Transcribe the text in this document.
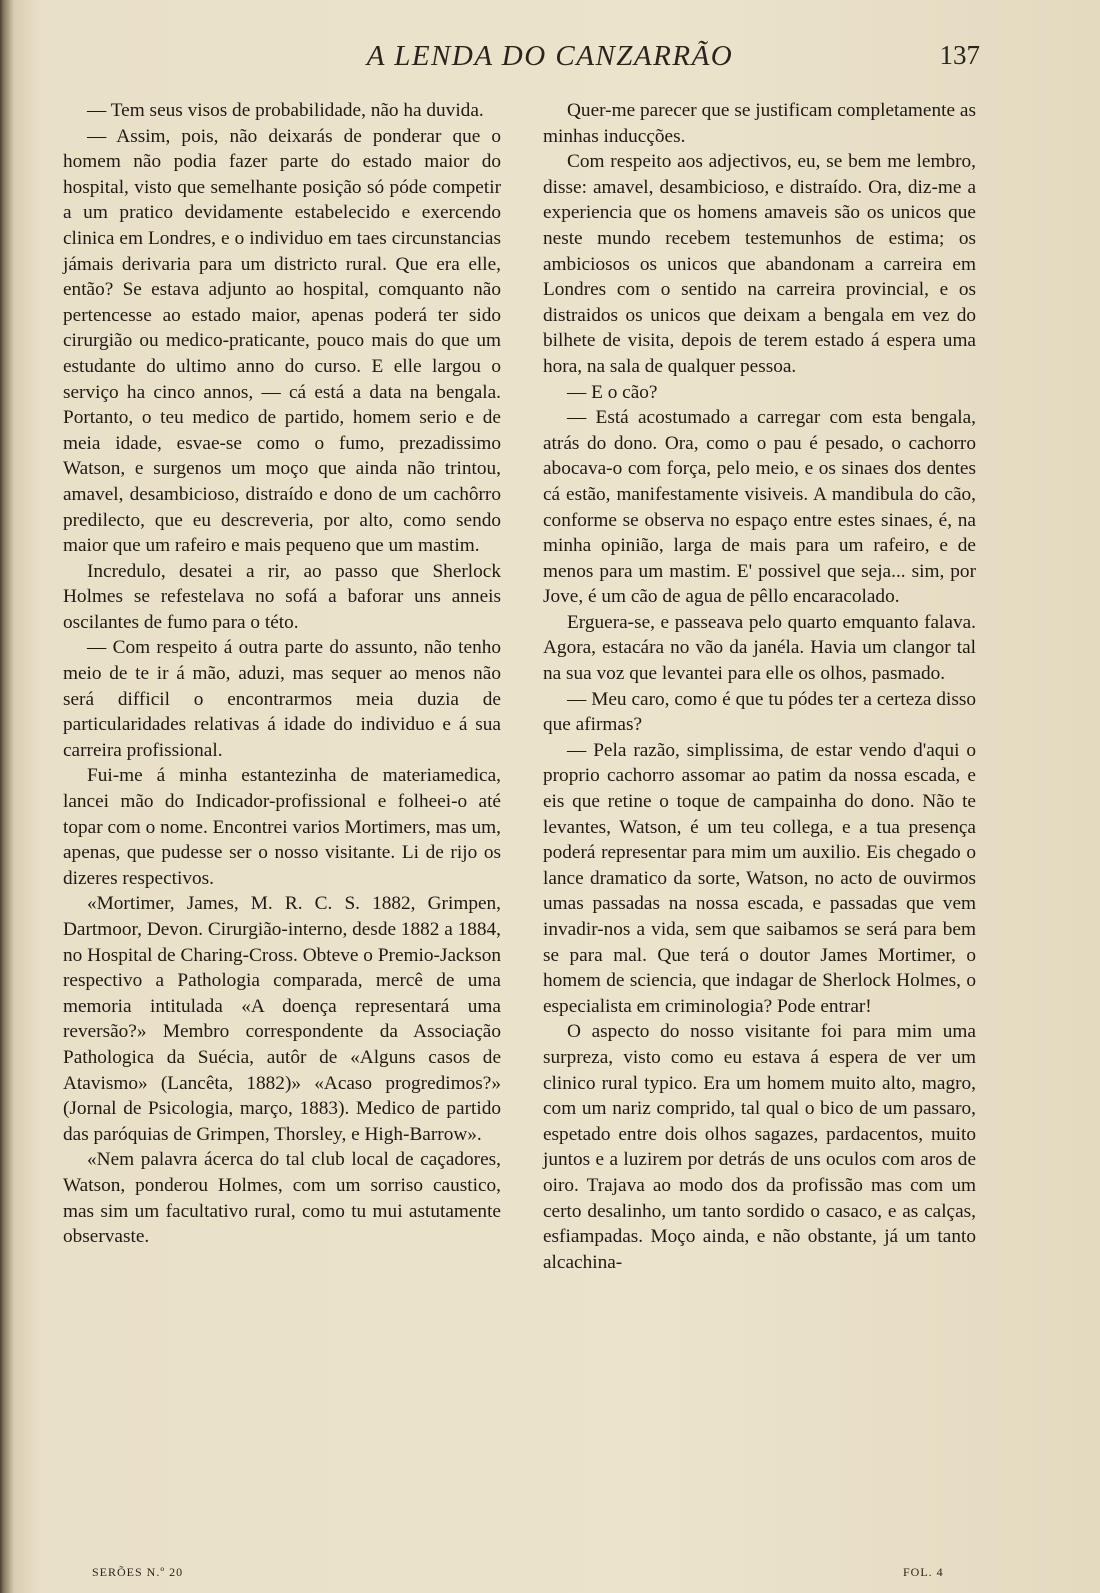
A LENDA DO CANZARRÃO	137

— Tem seus visos de probabilidade, não ha duvida.

— Assim, pois, não deixarás de ponderar que o homem não podia fazer parte do estado maior do hospital, visto que semelhante posição só póde competir a um pratico devidamente estabelecido e exercendo clinica em Londres, e o individuo em taes circunstancias jámais derivaria para um districto rural. Que era elle, então? Se estava adjunto ao hospital, comquanto não pertencesse ao estado maior, apenas poderá ter sido cirurgião ou medico-praticante, pouco mais do que um estudante do ultimo anno do curso. E elle largou o serviço ha cinco annos, — cá está a data na bengala. Portanto, o teu medico de partido, homem serio e de meia idade, esvae-se como o fumo, prezadissimo Watson, e surgenos um moço que ainda não trintou, amavel, desambicioso, distraído e dono de um cachôrro predilecto, que eu descreveria, por alto, como sendo maior que um rafeiro e mais pequeno que um mastim.

Incredulo, desatei a rir, ao passo que Sherlock Holmes se refestelava no sofá a baforar uns anneis oscilantes de fumo para o této.

— Com respeito á outra parte do assunto, não tenho meio de te ir á mão, aduzi, mas sequer ao menos não será difficil o encontrarmos meia duzia de particularidades relativas á idade do individuo e á sua carreira profissional.

Fui-me á minha estantezinha de materiamedica, lancei mão do Indicador-profissional e folheei-o até topar com o nome. Encontrei varios Mortimers, mas um, apenas, que pudesse ser o nosso visitante. Li de rijo os dizeres respectivos.

«Mortimer, James, M. R. C. S. 1882, Grimpen, Dartmoor, Devon. Cirurgião-interno, desde 1882 a 1884, no Hospital de Charing-Cross. Obteve o Premio-Jackson respectivo a Pathologia comparada, mercê de uma memoria intitulada «A doença representará uma reversão?» Membro correspondente da Associação Pathologica da Suécia, autôr de «Alguns casos de Atavismo» (Lancêta, 1882)» «Acaso progredimos?» (Jornal de Psicologia, março, 1883). Medico de partido das paróquias de Grimpen, Thorsley, e High-Barrow».

«Nem palavra ácerca do tal club local de caçadores, Watson, ponderou Holmes, com um sorriso caustico, mas sim um facultativo rural, como tu mui astutamente observaste.

Quer-me parecer que se justificam completamente as minhas inducções.

Com respeito aos adjectivos, eu, se bem me lembro, disse: amavel, desambicioso, e distraído. Ora, diz-me a experiencia que os homens amaveis são os unicos que neste mundo recebem testemunhos de estima; os ambiciosos os unicos que abandonam a carreira em Londres com o sentido na carreira provincial, e os distraidos os unicos que deixam a bengala em vez do bilhete de visita, depois de terem estado á espera uma hora, na sala de qualquer pessoa.

— E o cão?

— Está acostumado a carregar com esta bengala, atrás do dono. Ora, como o pau é pesado, o cachorro abocava-o com força, pelo meio, e os sinaes dos dentes cá estão, manifestamente visiveis. A mandibula do cão, conforme se observa no espaço entre estes sinaes, é, na minha opinião, larga de mais para um rafeiro, e de menos para um mastim. E' possivel que seja... sim, por Jove, é um cão de agua de pêllo encaracolado.

Erguera-se, e passeava pelo quarto emquanto falava. Agora, estacára no vão da janéla. Havia um clangor tal na sua voz que levantei para elle os olhos, pasmado.

— Meu caro, como é que tu pódes ter a certeza disso que afirmas?

— Pela razão, simplissima, de estar vendo d'aqui o proprio cachorro assomar ao patim da nossa escada, e eis que retine o toque de campainha do dono. Não te levantes, Watson, é um teu collega, e a tua presença poderá representar para mim um auxilio. Eis chegado o lance dramatico da sorte, Watson, no acto de ouvirmos umas passadas na nossa escada, e passadas que vem invadir-nos a vida, sem que saibamos se será para bem se para mal. Que terá o doutor James Mortimer, o homem de sciencia, que indagar de Sherlock Holmes, o especialista em criminologia? Pode entrar!

O aspecto do nosso visitante foi para mim uma surpreza, visto como eu estava á espera de ver um clinico rural typico. Era um homem muito alto, magro, com um nariz comprido, tal qual o bico de um passaro, espetado entre dois olhos sagazes, pardacentos, muito juntos e a luzirem por detrás de uns oculos com aros de oiro. Trajava ao modo dos da profissão mas com um certo desalinho, um tanto sordido o casaco, e as calças, esfiampadas. Moço ainda, e não obstante, já um tanto alcachina-

SERÕES N.º 20	FOL. 4
